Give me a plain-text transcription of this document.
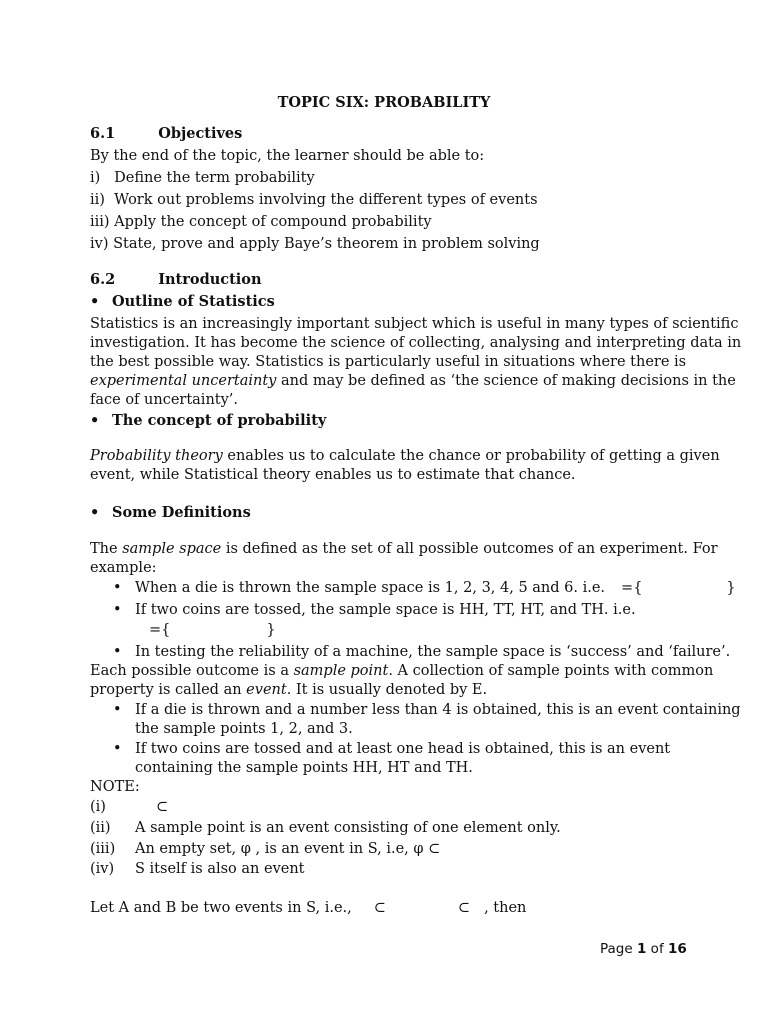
TOPIC SIX: PROBABILITY
6.1	Objectives
By the end of the topic, the learner should be able to:
i)   Define the term probability
ii)  Work out problems involving the different types of events
iii) Apply the concept of compound probability
iv) State, prove and apply Baye’s theorem in problem solving
6.2	Introduction
• Outline of Statistics
Statistics is an increasingly important subject which is useful in many types of scientific
investigation. It has become the science of collecting, analysing and interpreting data in
the best possible way. Statistics is particularly useful in situations where there is
experimental uncertainty and may be defined as ‘the science of making decisions in the
face of uncertainty’.
• The concept of probability
Probability theory enables us to calculate the chance or probability of getting a given
event, while Statistical theory enables us to estimate that chance.
• Some Definitions
The sample space is defined as the set of all possible outcomes of an experiment. For
example:
• When a die is thrown the sample space is 1, 2, 3, 4, 5 and 6. i.e. ={	}
• If two coins are tossed, the sample space is HH, TT, HT, and TH. i.e.
={	}
• In testing the reliability of a machine, the sample space is ‘success’ and ‘failure’.
Each possible outcome is a sample point. A collection of sample points with common
property is called an event. It is usually denoted by E.
• If a die is thrown and a number less than 4 is obtained, this is an event containing
the sample points 1, 2, and 3.
• If two coins are tossed and at least one head is obtained, this is an event
containing the sample points HH, HT and TH.
NOTE:
(i)	⊂
(ii) A sample point is an event consisting of one element only.
(iii) An empty set, φ , is an event in S, i.e, φ ⊂
(iv) S itself is also an event
Let A and B be two events in S, i.e., ⊂	⊂ , then
Page 1 of 16
